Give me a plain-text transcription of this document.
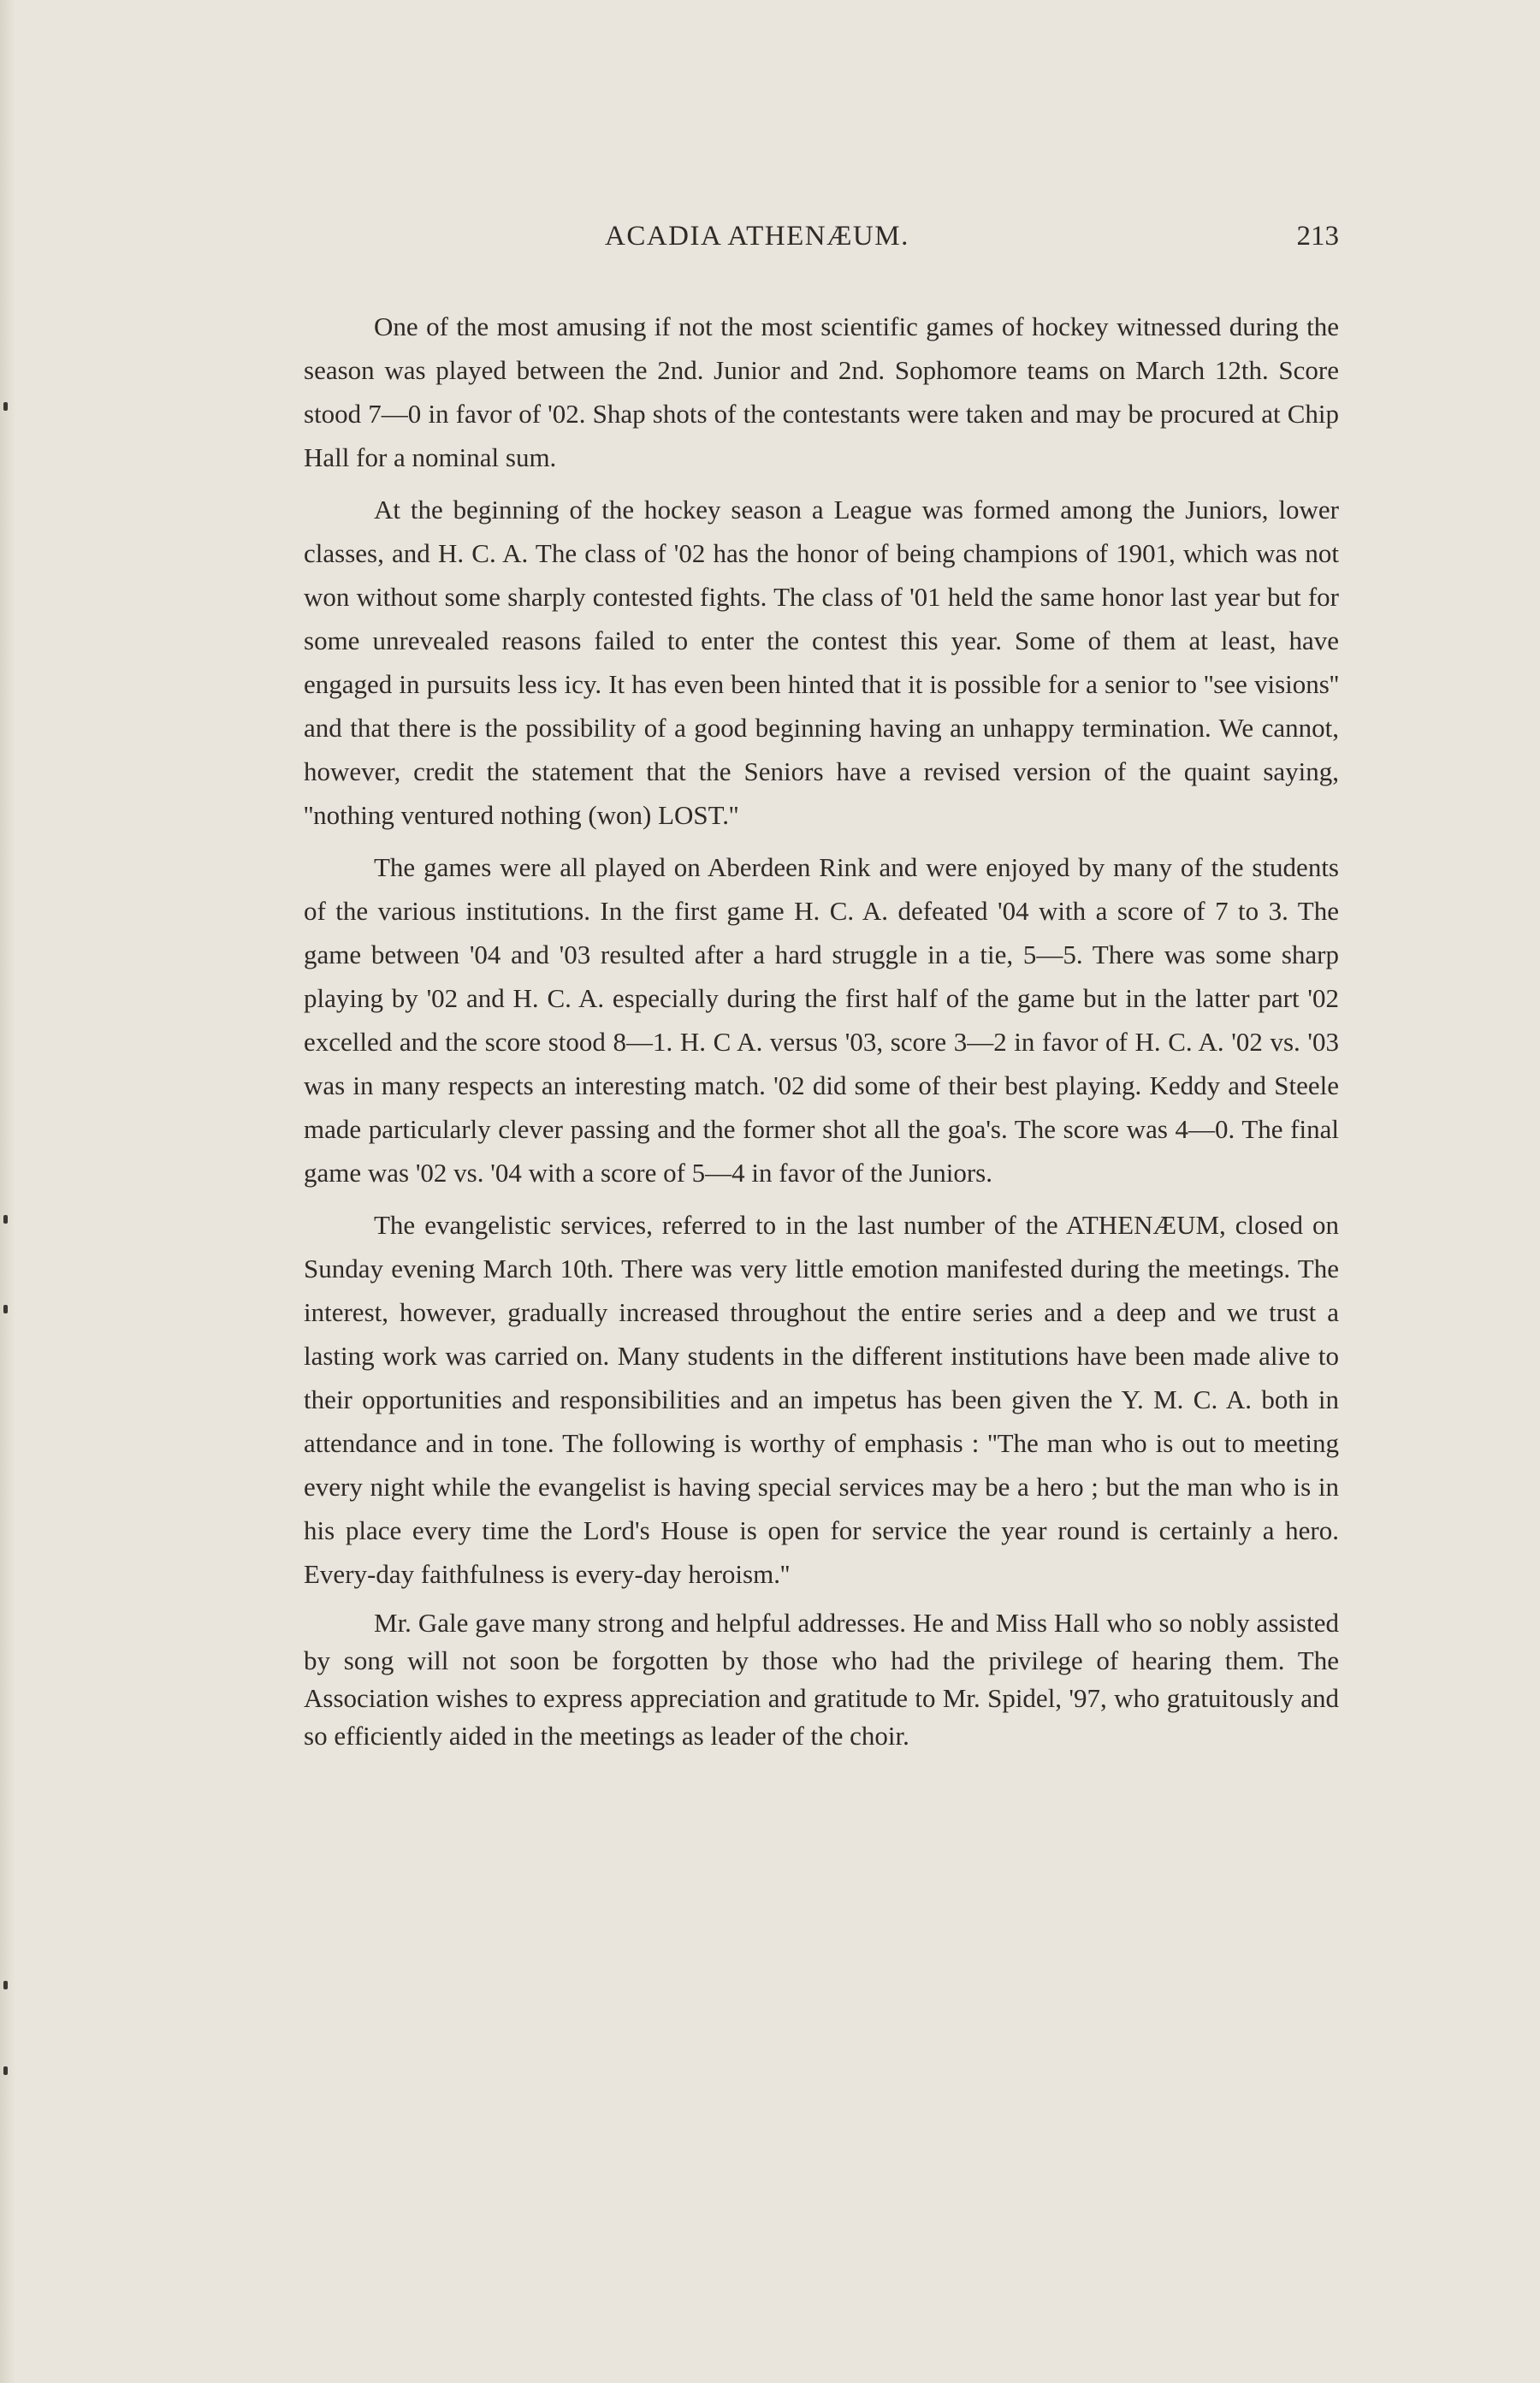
ACADIA ATHENÆUM.	213

One of the most amusing if not the most scientific games of hockey witnessed during the season was played between the 2nd. Junior and 2nd. Sophomore teams on March 12th. Score stood 7—0 in favor of '02. Shap shots of the contestants were taken and may be procured at Chip Hall for a nominal sum.

At the beginning of the hockey season a League was formed among the Juniors, lower classes, and H. C. A. The class of '02 has the honor of being champions of 1901, which was not won without some sharply contested fights. The class of '01 held the same honor last year but for some unrevealed reasons failed to enter the contest this year. Some of them at least, have engaged in pursuits less icy. It has even been hinted that it is possible for a senior to ''see visions'' and that there is the possibility of a good beginning having an unhappy termination. We cannot, however, credit the statement that the Seniors have a revised version of the quaint saying, ''nothing ventured nothing (won) LOST.''

The games were all played on Aberdeen Rink and were enjoyed by many of the students of the various institutions. In the first game H. C. A. defeated '04 with a score of 7 to 3. The game between '04 and '03 resulted after a hard struggle in a tie, 5—5. There was some sharp playing by '02 and H. C. A. especially during the first half of the game but in the latter part '02 excelled and the score stood 8—1. H. C A. versus '03, score 3—2 in favor of H. C. A. '02 vs. '03 was in many respects an interesting match. '02 did some of their best playing. Keddy and Steele made particularly clever passing and the former shot all the goa's. The score was 4—0. The final game was '02 vs. '04 with a score of 5—4 in favor of the Juniors.

The evangelistic services, referred to in the last number of the ATHENÆUM, closed on Sunday evening March 10th. There was very little emotion manifested during the meetings. The interest, however, gradually increased throughout the entire series and a deep and we trust a lasting work was carried on. Many students in the different institutions have been made alive to their opportunities and responsibilities and an impetus has been given the Y. M. C. A. both in attendance and in tone. The following is worthy of emphasis : ''The man who is out to meeting every night while the evangelist is having special services may be a hero ; but the man who is in his place every time the Lord's House is open for service the year round is certainly a hero. Every-day faithfulness is every-day heroism.''

Mr. Gale gave many strong and helpful addresses. He and Miss Hall who so nobly assisted by song will not soon be forgotten by those who had the privilege of hearing them. The Association wishes to express appreciation and gratitude to Mr. Spidel, '97, who gratuitously and so efficiently aided in the meetings as leader of the choir.
